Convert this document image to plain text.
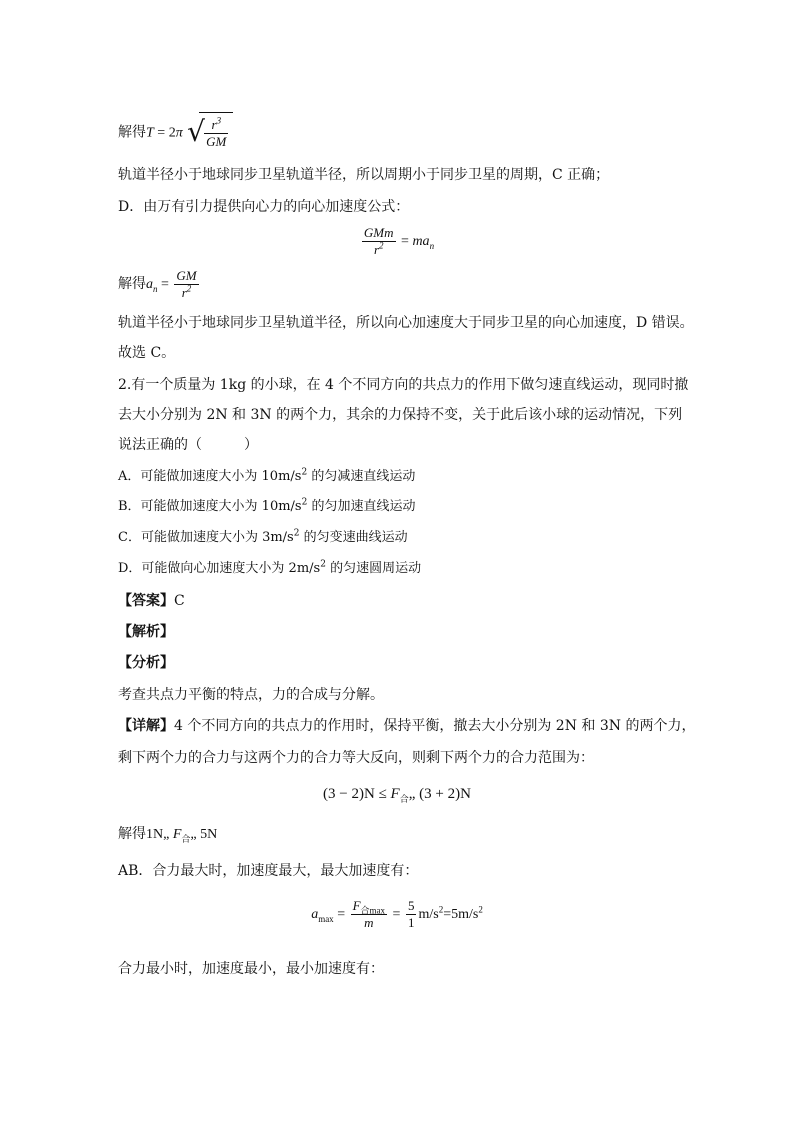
解得T = 2π √ $\frac{r^3}{GM}$
轨道半径小于地球同步卫星轨道半径，所以周期小于同步卫星的周期，C 正确；
D．由万有引力提供向心力的向心加速度公式：
$\frac{\text{GMm}}{r^2} = ma_n$
解得$a_n = \frac{GM}{r^2}$
轨道半径小于地球同步卫星轨道半径，所以向心加速度大于同步卫星的向心加速度，D 错误。
故选 C。
2.有一个质量为 1kg 的小球，在 4 个不同方向的共点力的作用下做匀速直线运动，现同时撤
去大小分别为 2N 和 3N 的两个力，其余的力保持不变，关于此后该小球的运动情况，下列
说法正确的（　　　）
A．可能做加速度大小为 $10m/s^2$ 的匀减速直线运动
B．可能做加速度大小为 $10m/s^2$ 的匀加速直线运动
C．可能做加速度大小为 $3m/s^2$ 的匀变速曲线运动
D．可能做向心加速度大小为 $2m/s^2$ 的匀速圆周运动
【答案】C
【解析】
【分析】
考查共点力平衡的特点，力的合成与分解。
【详解】4 个不同方向的共点力的作用时，保持平衡，撤去大小分别为 2N 和 3N 的两个力，
剩下两个力的合力与这两个力的合力等大反向，则剩下两个力的合力范围为：
$(3 - 2)N \le F_合„$ (3 + 2)N
解得1N„ $F_合„$ 5N
AB．合力最大时，加速度最大，最大加速度有：
$a_{max} = \frac{F_{合max}}{m} = \frac{5}{1} m/s^2=5m/s^2$
合力最小时，加速度最小，最小加速度有：
